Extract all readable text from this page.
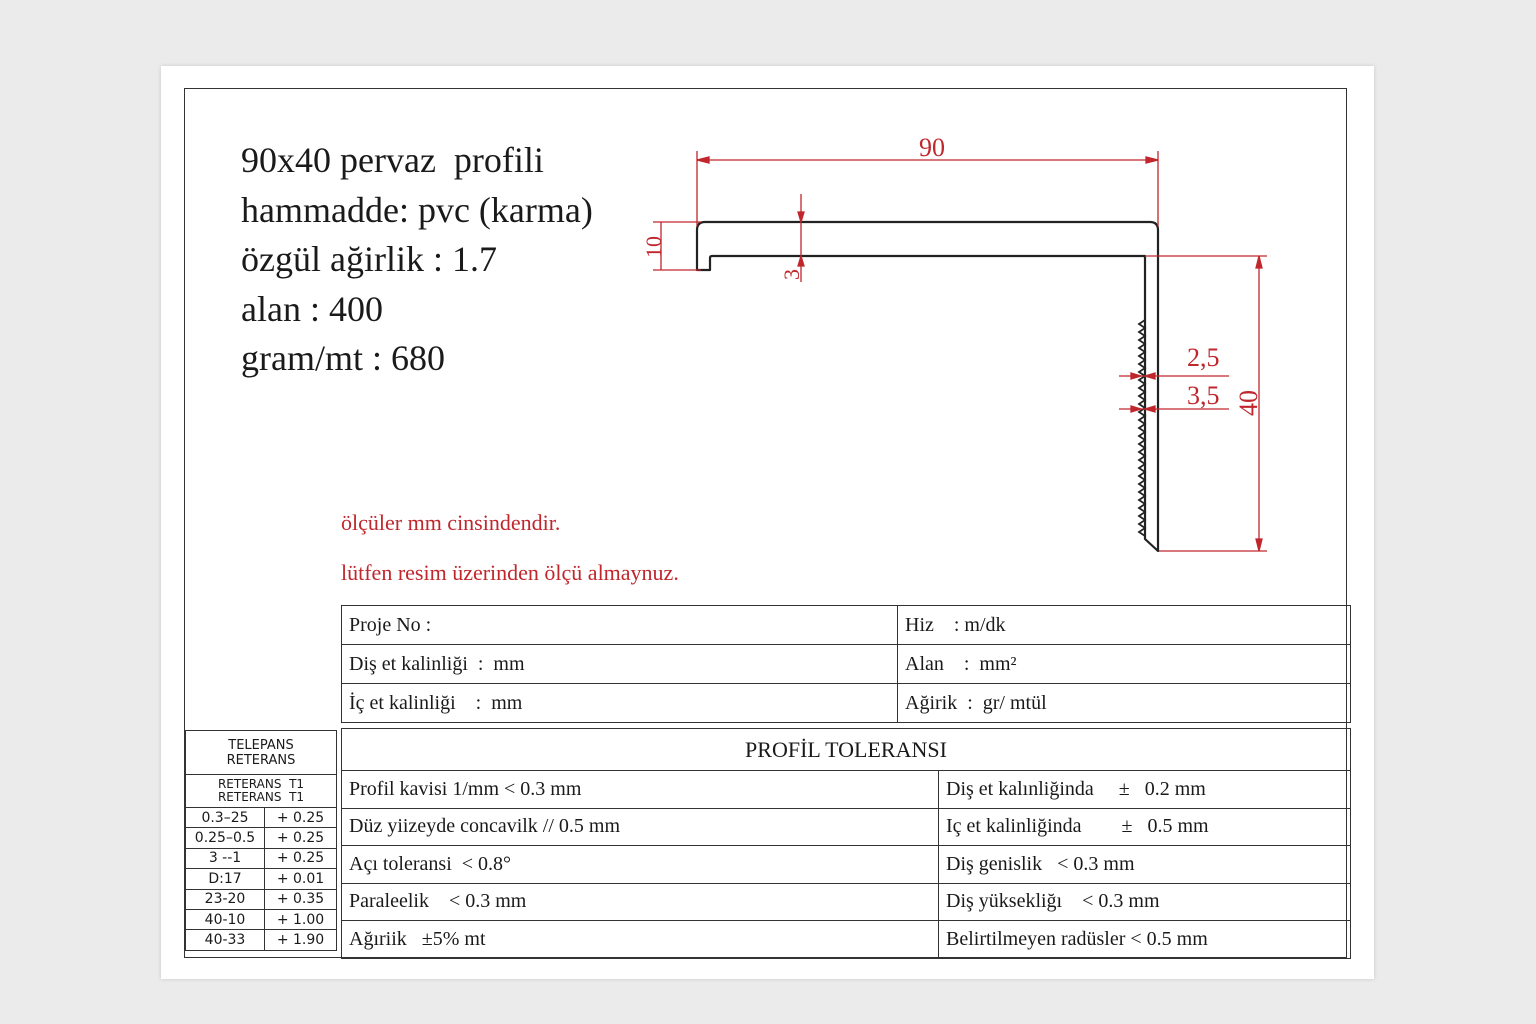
90x40 pervaz  profili
hammadde: pvc (karma)
özgül ağirlik : 1.7
alan : 400
gram/mt : 680
ölçüler mm cinsindendir.
lütfen resim üzerinden ölçü almaynuz.
90
10
3
2,5
3,5 40
Proje No :	Hiz    : m/dk
Diş et kalinliği  :  mm	Alan    :  mm²
İç et kalinliği    :  mm	Ağirik  :  gr/ mtül
PROFİL TOLERANSI	
Profil kavisi 1/mm < 0.3 mm	Diş et kalınliğinda     ±   0.2 mm
Düz yiizeyde concavilk // 0.5 mm	Iç et kalinliğinda        ±   0.5 mm
Açı toleransi  < 0.8°	Diş genislik   < 0.3 mm
Paraleelik    < 0.3 mm	Diş yüksekliğı    < 0.3 mm
Ağıriik   ±5% mt	Belirtilmeyen radüsler < 0.5 mm
TELEPANS
RETERANS	
RETERANS  T1
RETERANS  T1	
0.3–25	+ 0.25
0.25–0.5	+ 0.25
3 --1	+ 0.25
D:17	+ 0.01
23-20	+ 0.35
40-10	+ 1.00
40-33	+ 1.90
